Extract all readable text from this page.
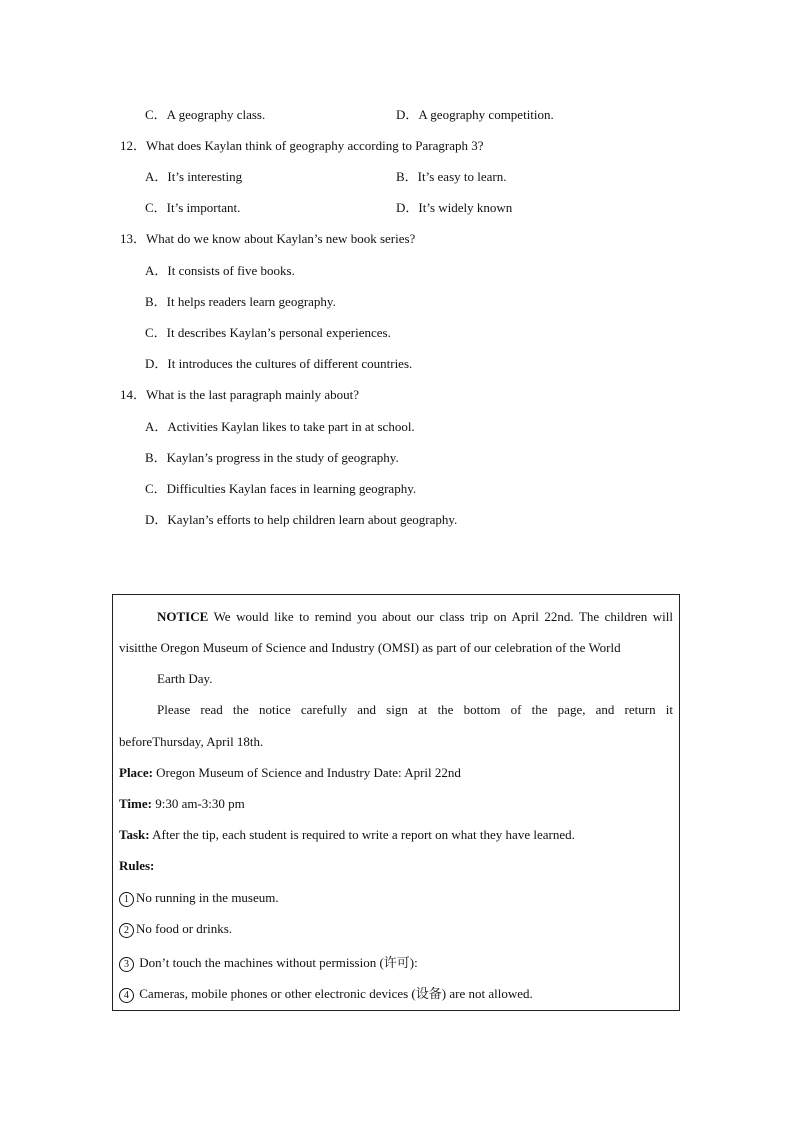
C．A geography class.	D．A geography competition.
12．What does Kaylan think of geography according to Paragraph 3?
A．It’s interesting	B．It’s easy to learn.
C．It’s important.	D．It’s widely known
13．What do we know about Kaylan’s new book series?
A．It consists of five books.
B．It helps readers learn geography.
C．It describes Kaylan’s personal experiences.
D．It introduces the cultures of different countries.
14．What is the last paragraph mainly about?
A．Activities Kaylan likes to take part in at school.
B．Kaylan’s progress in the study of geography.
C．Difficulties Kaylan faces in learning geography.
D．Kaylan’s efforts to help children learn about geography.
NOTICE We would like to remind you about our class trip on April 22nd. The children will
visitthe Oregon Museum of Science and Industry (OMSI) as part of our celebration of the World
Earth Day.
Please read the notice carefully and sign at the bottom of the page, and return it
beforeThursday, April 18th.
Place: Oregon Museum of Science and Industry Date: April 22nd
Time: 9:30 am-3:30 pm
Task: After the tip, each student is required to write a report on what they have learned.
Rules:
1 No running in the museum.
2 No food or drinks.
3 Don’t touch the machines without permission (许可):
4 Cameras, mobile phones or other electronic devices (设备) are not allowed.
